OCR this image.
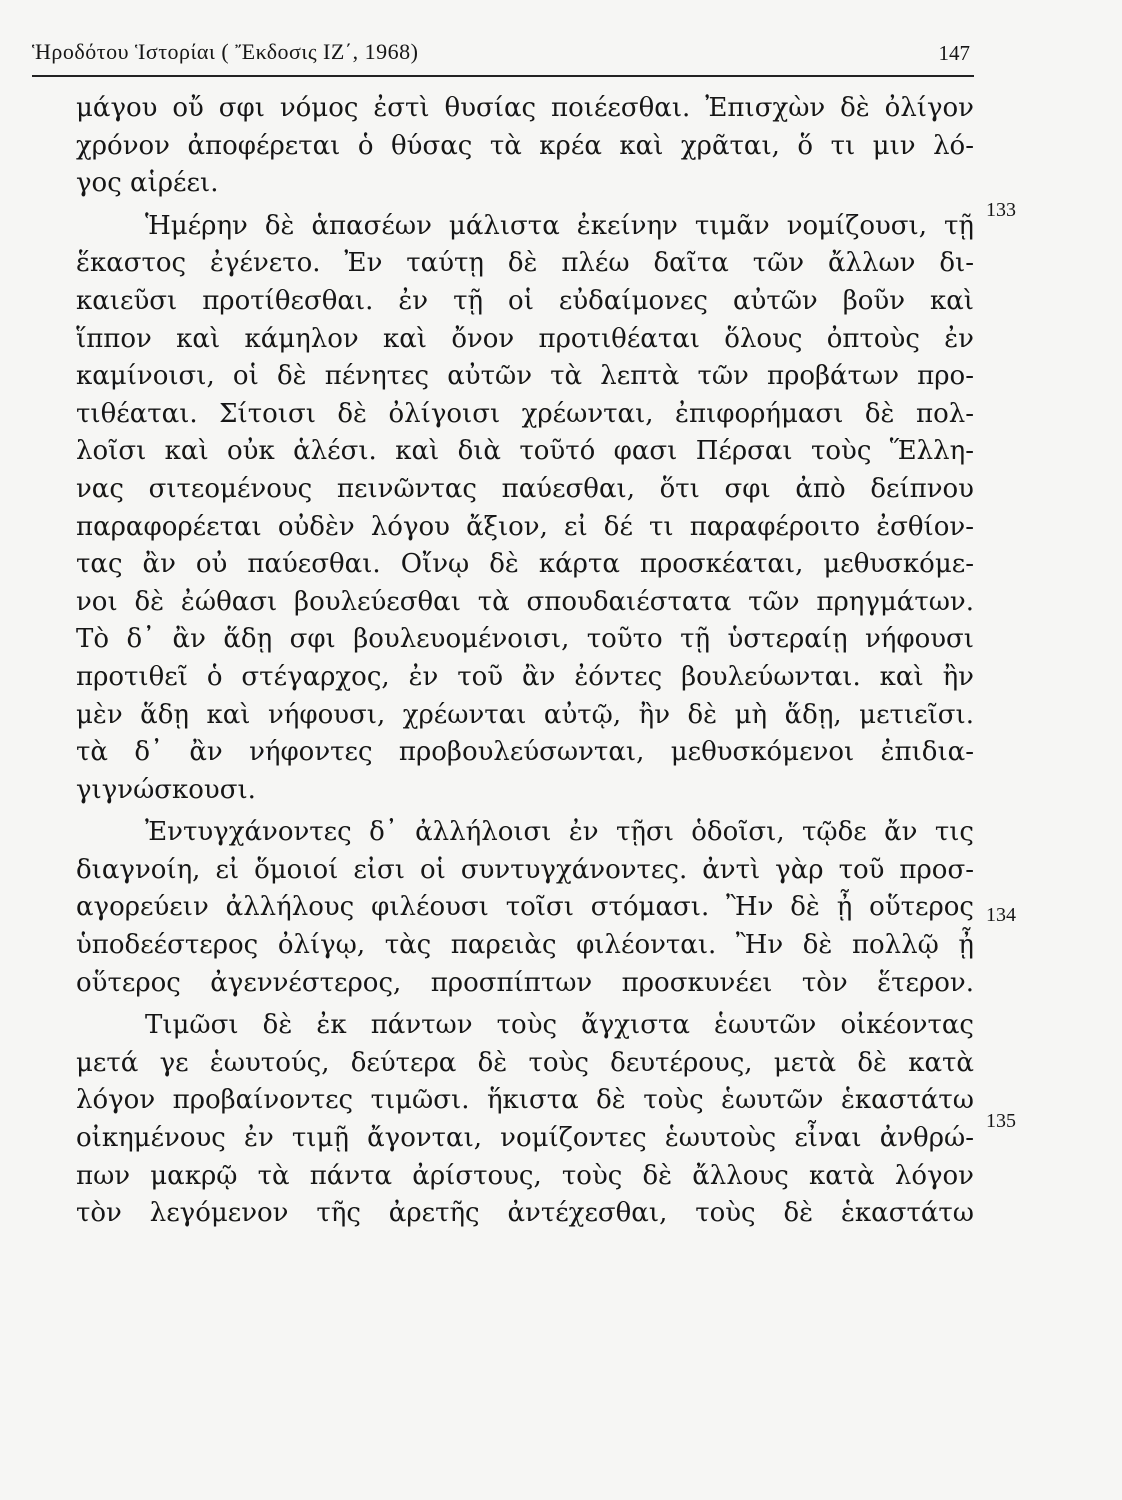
Ἡροδότου Ἱστορίαι ( Ἔκδοσις ΙΖ΄, 1968)	147
μάγου οὔ σφι νόμος ἐστὶ θυσίας ποιέεσθαι. Ἐπισχὼν δὲ ὀλίγον
χρόνον ἀποφέρεται ὁ θύσας τὰ κρέα καὶ χρᾶται, ὅ τι μιν λό-
γος αἱρέει.
Ἡμέρην δὲ ἁπασέων μάλιστα ἐκείνην τιμᾶν νομίζουσι, τῇ
ἕκαστος ἐγένετο. Ἐν ταύτῃ δὲ πλέω δαῖτα τῶν ἄλλων δι-
καιεῦσι προτίθεσθαι. ἐν τῇ οἱ εὐδαίμονες αὐτῶν βοῦν καὶ
ἵππον καὶ κάμηλον καὶ ὄνον προτιθέαται ὅλους ὀπτοὺς ἐν
καμίνοισι, οἱ δὲ πένητες αὐτῶν τὰ λεπτὰ τῶν προβάτων προ-
τιθέαται. Σίτοισι δὲ ὀλίγοισι χρέωνται, ἐπιφορήμασι δὲ πολ-
λοῖσι καὶ οὐκ ἁλέσι. καὶ διὰ τοῦτό φασι Πέρσαι τοὺς Ἕλλη-
νας σιτεομένους πεινῶντας παύεσθαι, ὅτι σφι ἀπὸ δείπνου
παραφορέεται οὐδὲν λόγου ἄξιον, εἰ δέ τι παραφέροιτο ἐσθίον-
τας ἂν οὐ παύεσθαι. Οἴνῳ δὲ κάρτα προσκέαται, μεθυσκόμε-
νοι δὲ ἐώθασι βουλεύεσθαι τὰ σπουδαιέστατα τῶν πρηγμάτων.
Τὸ δ᾽ ἂν ἅδῃ σφι βουλευομένοισι, τοῦτο τῇ ὑστεραίῃ νήφουσι
προτιθεῖ ὁ στέγαρχος, ἐν τοῦ ἂν ἐόντες βουλεύωνται. καὶ ἢν
μὲν ἅδῃ καὶ νήφουσι, χρέωνται αὐτῷ, ἢν δὲ μὴ ἅδῃ, μετιεῖσι.
τὰ δ᾽ ἂν νήφοντες προβουλεύσωνται, μεθυσκόμενοι ἐπιδια-
γιγνώσκουσι.
Ἐντυγχάνοντες δ᾽ ἀλλήλοισι ἐν τῇσι ὁδοῖσι, τῷδε ἄν τις
διαγνοίη, εἰ ὅμοιοί εἰσι οἱ συντυγχάνοντες. ἀντὶ γὰρ τοῦ προσ-
αγορεύειν ἀλλήλους φιλέουσι τοῖσι στόμασι. Ἢν δὲ ᾖ οὕτερος
ὑποδεέστερος ὀλίγῳ, τὰς παρειὰς φιλέονται. Ἢν δὲ πολλῷ ᾖ
οὕτερος ἀγεννέστερος, προσπίπτων προσκυνέει τὸν ἕτερον.
Τιμῶσι δὲ ἐκ πάντων τοὺς ἄγχιστα ἑωυτῶν οἰκέοντας
μετά γε ἑωυτούς, δεύτερα δὲ τοὺς δευτέρους, μετὰ δὲ κατὰ
λόγον προβαίνοντες τιμῶσι. ἥκιστα δὲ τοὺς ἑωυτῶν ἑκαστάτω
οἰκημένους ἐν τιμῇ ἄγονται, νομίζοντες ἑωυτοὺς εἶναι ἀνθρώ-
πων μακρῷ τὰ πάντα ἀρίστους, τοὺς δὲ ἄλλους κατὰ λόγον
τὸν λεγόμενον τῆς ἀρετῆς ἀντέχεσθαι, τοὺς δὲ ἑκαστάτω
133
134
135
